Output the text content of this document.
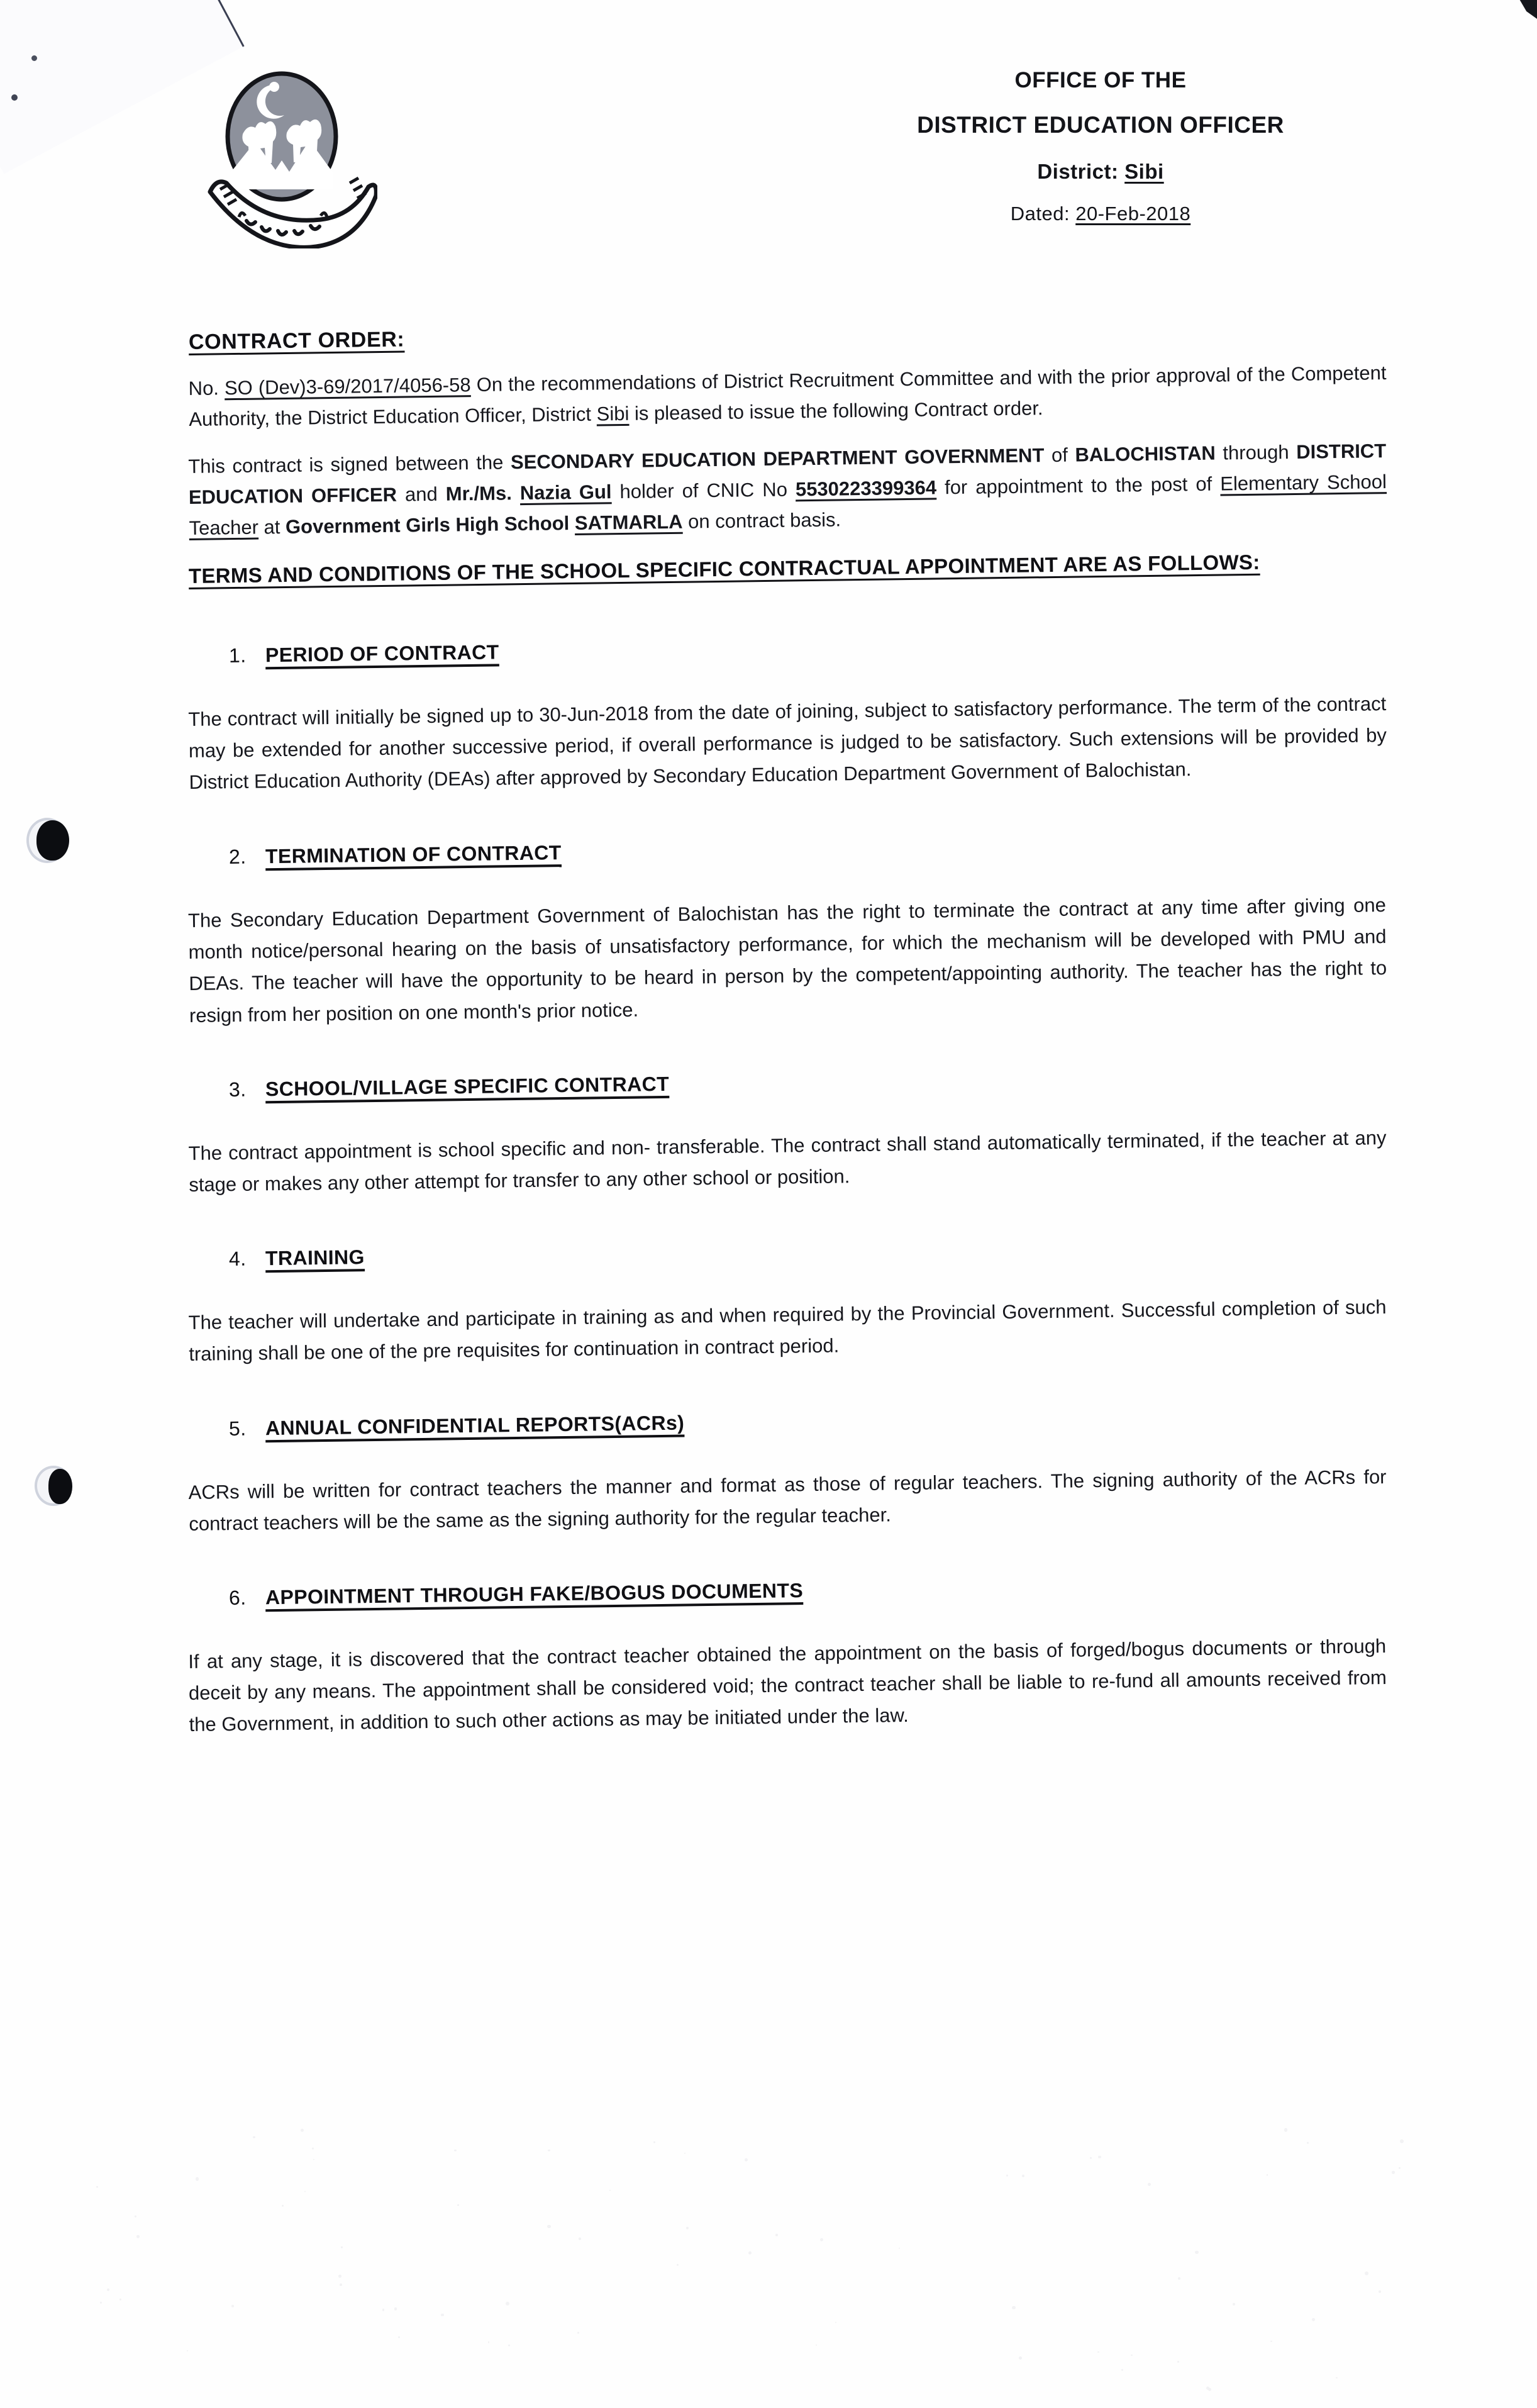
OFFICE OF THE
DISTRICT EDUCATION OFFICER
District: Sibi
Dated: 20-Feb-2018
CONTRACT ORDER:

No. SO (Dev)3-69/2017/4056-58 On the recommendations of District Recruitment Committee and with the prior approval of the Competent Authority, the District Education Officer, District Sibi is pleased to issue the following Contract order.

This contract is signed between the SECONDARY EDUCATION DEPARTMENT GOVERNMENT of BALOCHISTAN through DISTRICT EDUCATION OFFICER and Mr./Ms. Nazia Gul holder of CNIC No 5530223399364 for appointment to the post of Elementary School Teacher at Government Girls High School SATMARLA on contract basis.

TERMS AND CONDITIONS OF THE SCHOOL SPECIFIC CONTRACTUAL APPOINTMENT ARE AS FOLLOWS:
1. PERIOD OF CONTRACT

The contract will initially be signed up to 30-Jun-2018 from the date of joining, subject to satisfactory performance. The term of the contract may be extended for another successive period, if overall performance is judged to be satisfactory. Such extensions will be provided by District Education Authority (DEAs) after approved by Secondary Education Department Government of Balochistan.

2. TERMINATION OF CONTRACT

The Secondary Education Department Government of Balochistan has the right to terminate the contract at any time after giving one month notice/personal hearing on the basis of unsatisfactory performance, for which the mechanism will be developed with PMU and DEAs. The teacher will have the opportunity to be heard in person by the competent/appointing authority. The teacher has the right to resign from her position on one month's prior notice.

3. SCHOOL/VILLAGE SPECIFIC CONTRACT

The contract appointment is school specific and non- transferable. The contract shall stand automatically terminated, if the teacher at any stage or makes any other attempt for transfer to any other school or position.

4. TRAINING

The teacher will undertake and participate in training as and when required by the Provincial Government. Successful completion of such training shall be one of the pre requisites for continuation in contract period.

5. ANNUAL CONFIDENTIAL REPORTS(ACRs)

ACRs will be written for contract teachers the manner and format as those of regular teachers. The signing authority of the ACRs for contract teachers will be the same as the signing authority for the regular teacher.

6. APPOINTMENT THROUGH FAKE/BOGUS DOCUMENTS

If at any stage, it is discovered that the contract teacher obtained the appointment on the basis of forged/bogus documents or through deceit by any means. The appointment shall be considered void; the contract teacher shall be liable to re-fund all amounts received from the Government, in addition to such other actions as may be initiated under the law.
